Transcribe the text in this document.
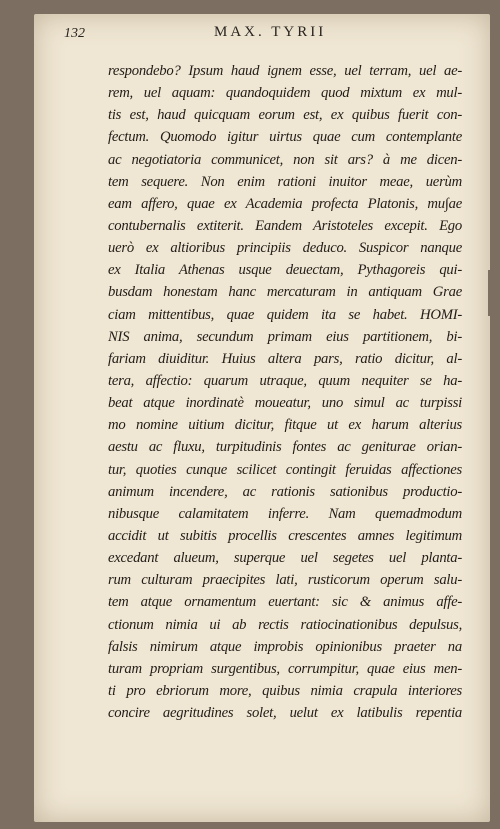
132	MAX. TYRII
respondebo? Ipsum haud ignem esse, uel terram, uel ae-
rem, uel aquam: quandoquidem quod mixtum ex mul-
tis est, haud quicquam eorum est, ex quibus fuerit con-
fectum. Quomodo igitur uirtus quae cum contemplante
ac negotiatoria communicet, non sit ars? à me dicen-
tem sequere. Non enim rationi inuitor meae, uerùm
eam affero, quae ex Academia profecta Platonis, mu∫ae
contubernalis extiterit. Eandem Aristoteles excepit. Ego
uerò ex altioribus principiis deduco. Suspicor nanque
ex Italia Athenas usque deuectam, Pythagoreis qui-
busdam honestam hanc mercaturam in antiquam Grae
ciam mittentibus, quae quidem ita se habet. HOMI-
NIS anima, secundum primam eius partitionem, bi-
fariam diuiditur. Huius altera pars, ratio dicitur, al-
tera, affectio: quarum utraque, quum nequiter se ha-
beat atque inordinatè moueatur, uno simul ac turpissi
mo nomine uitium dicitur, fitque ut ex harum alterius
aestu ac fluxu, turpitudinis fontes ac geniturae orian-
tur, quoties cunque scilicet contingit feruidas affectiones
animum incendere, ac rationis sationibus productio-
nibusque calamitatem inferre. Nam quemadmodum
accidit ut subitis procellis crescentes amnes legitimum
excedant alueum, superque uel segetes uel planta-
rum culturam praecipites lati, rusticorum operum salu-
tem atque ornamentum euertant: sic & animus affe-
ctionum nimia ui ab rectis ratiocinationibus depulsus,
falsis nimirum atque improbis opinionibus praeter na
turam propriam surgentibus, corrumpitur, quae eius men-
ti pro ebriorum more, quibus nimia crapula interiores
concire aegritudines solet, uelut ex latibulis repentia
